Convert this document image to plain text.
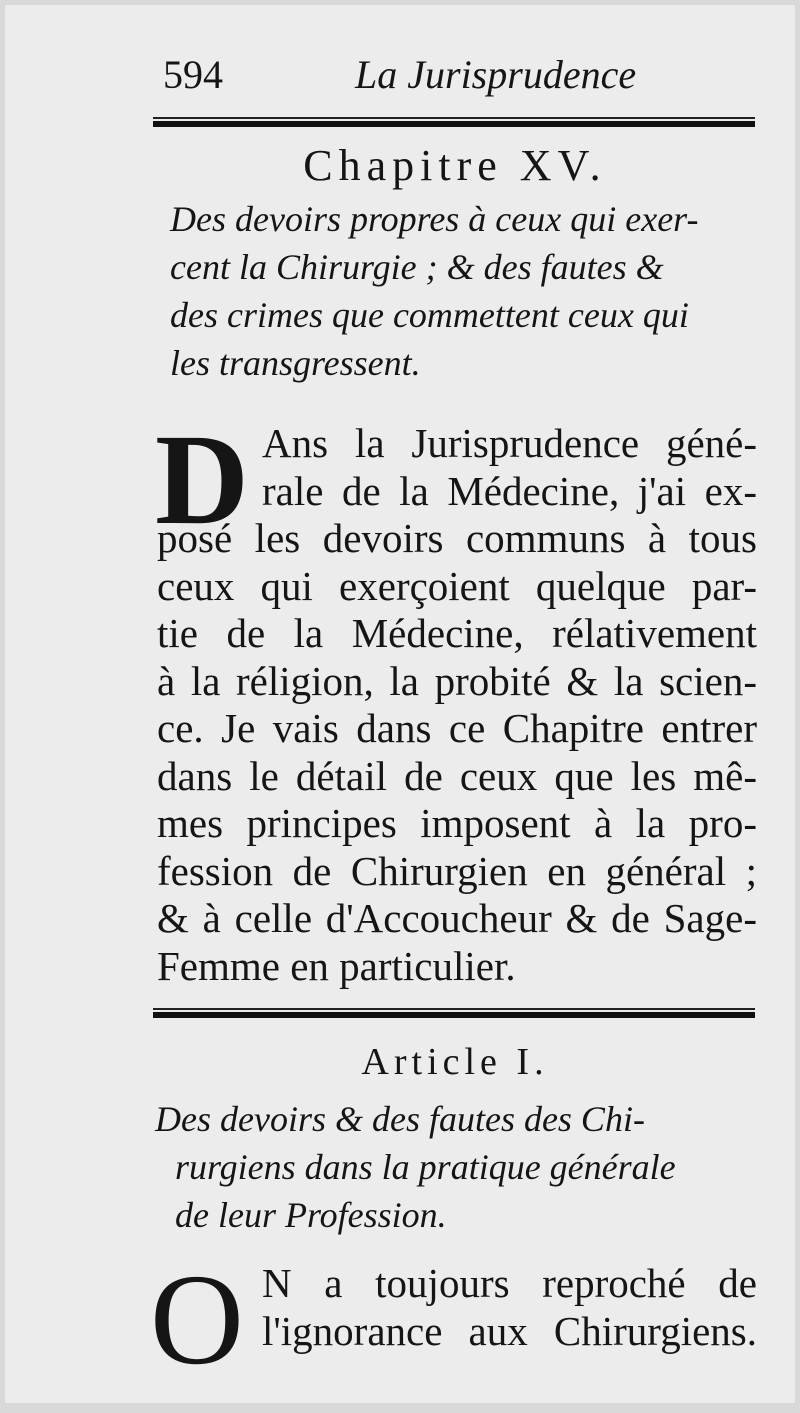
594	La Jurisprudence
Chapitre XV.
Des devoirs propres à ceux qui exer-
cent la Chirurgie ; & des fautes &
des crimes que commettent ceux qui
les transgressent.
D Ans la Jurisprudence géné-
rale de la Médecine, j'ai ex-
posé les devoirs communs à tous
ceux qui exerçoient quelque par-
tie de la Médecine, rélativement
à la réligion, la probité & la scien-
ce. Je vais dans ce Chapitre entrer
dans le détail de ceux que les mê-
mes principes imposent à la pro-
fession de Chirurgien en général ;
& à celle d'Accoucheur & de Sage-
Femme en particulier.
Article I.
Des devoirs & des fautes des Chi-
rurgiens dans la pratique générale
de leur Profession.
O N a toujours reproché de
l'ignorance aux Chirurgiens.
